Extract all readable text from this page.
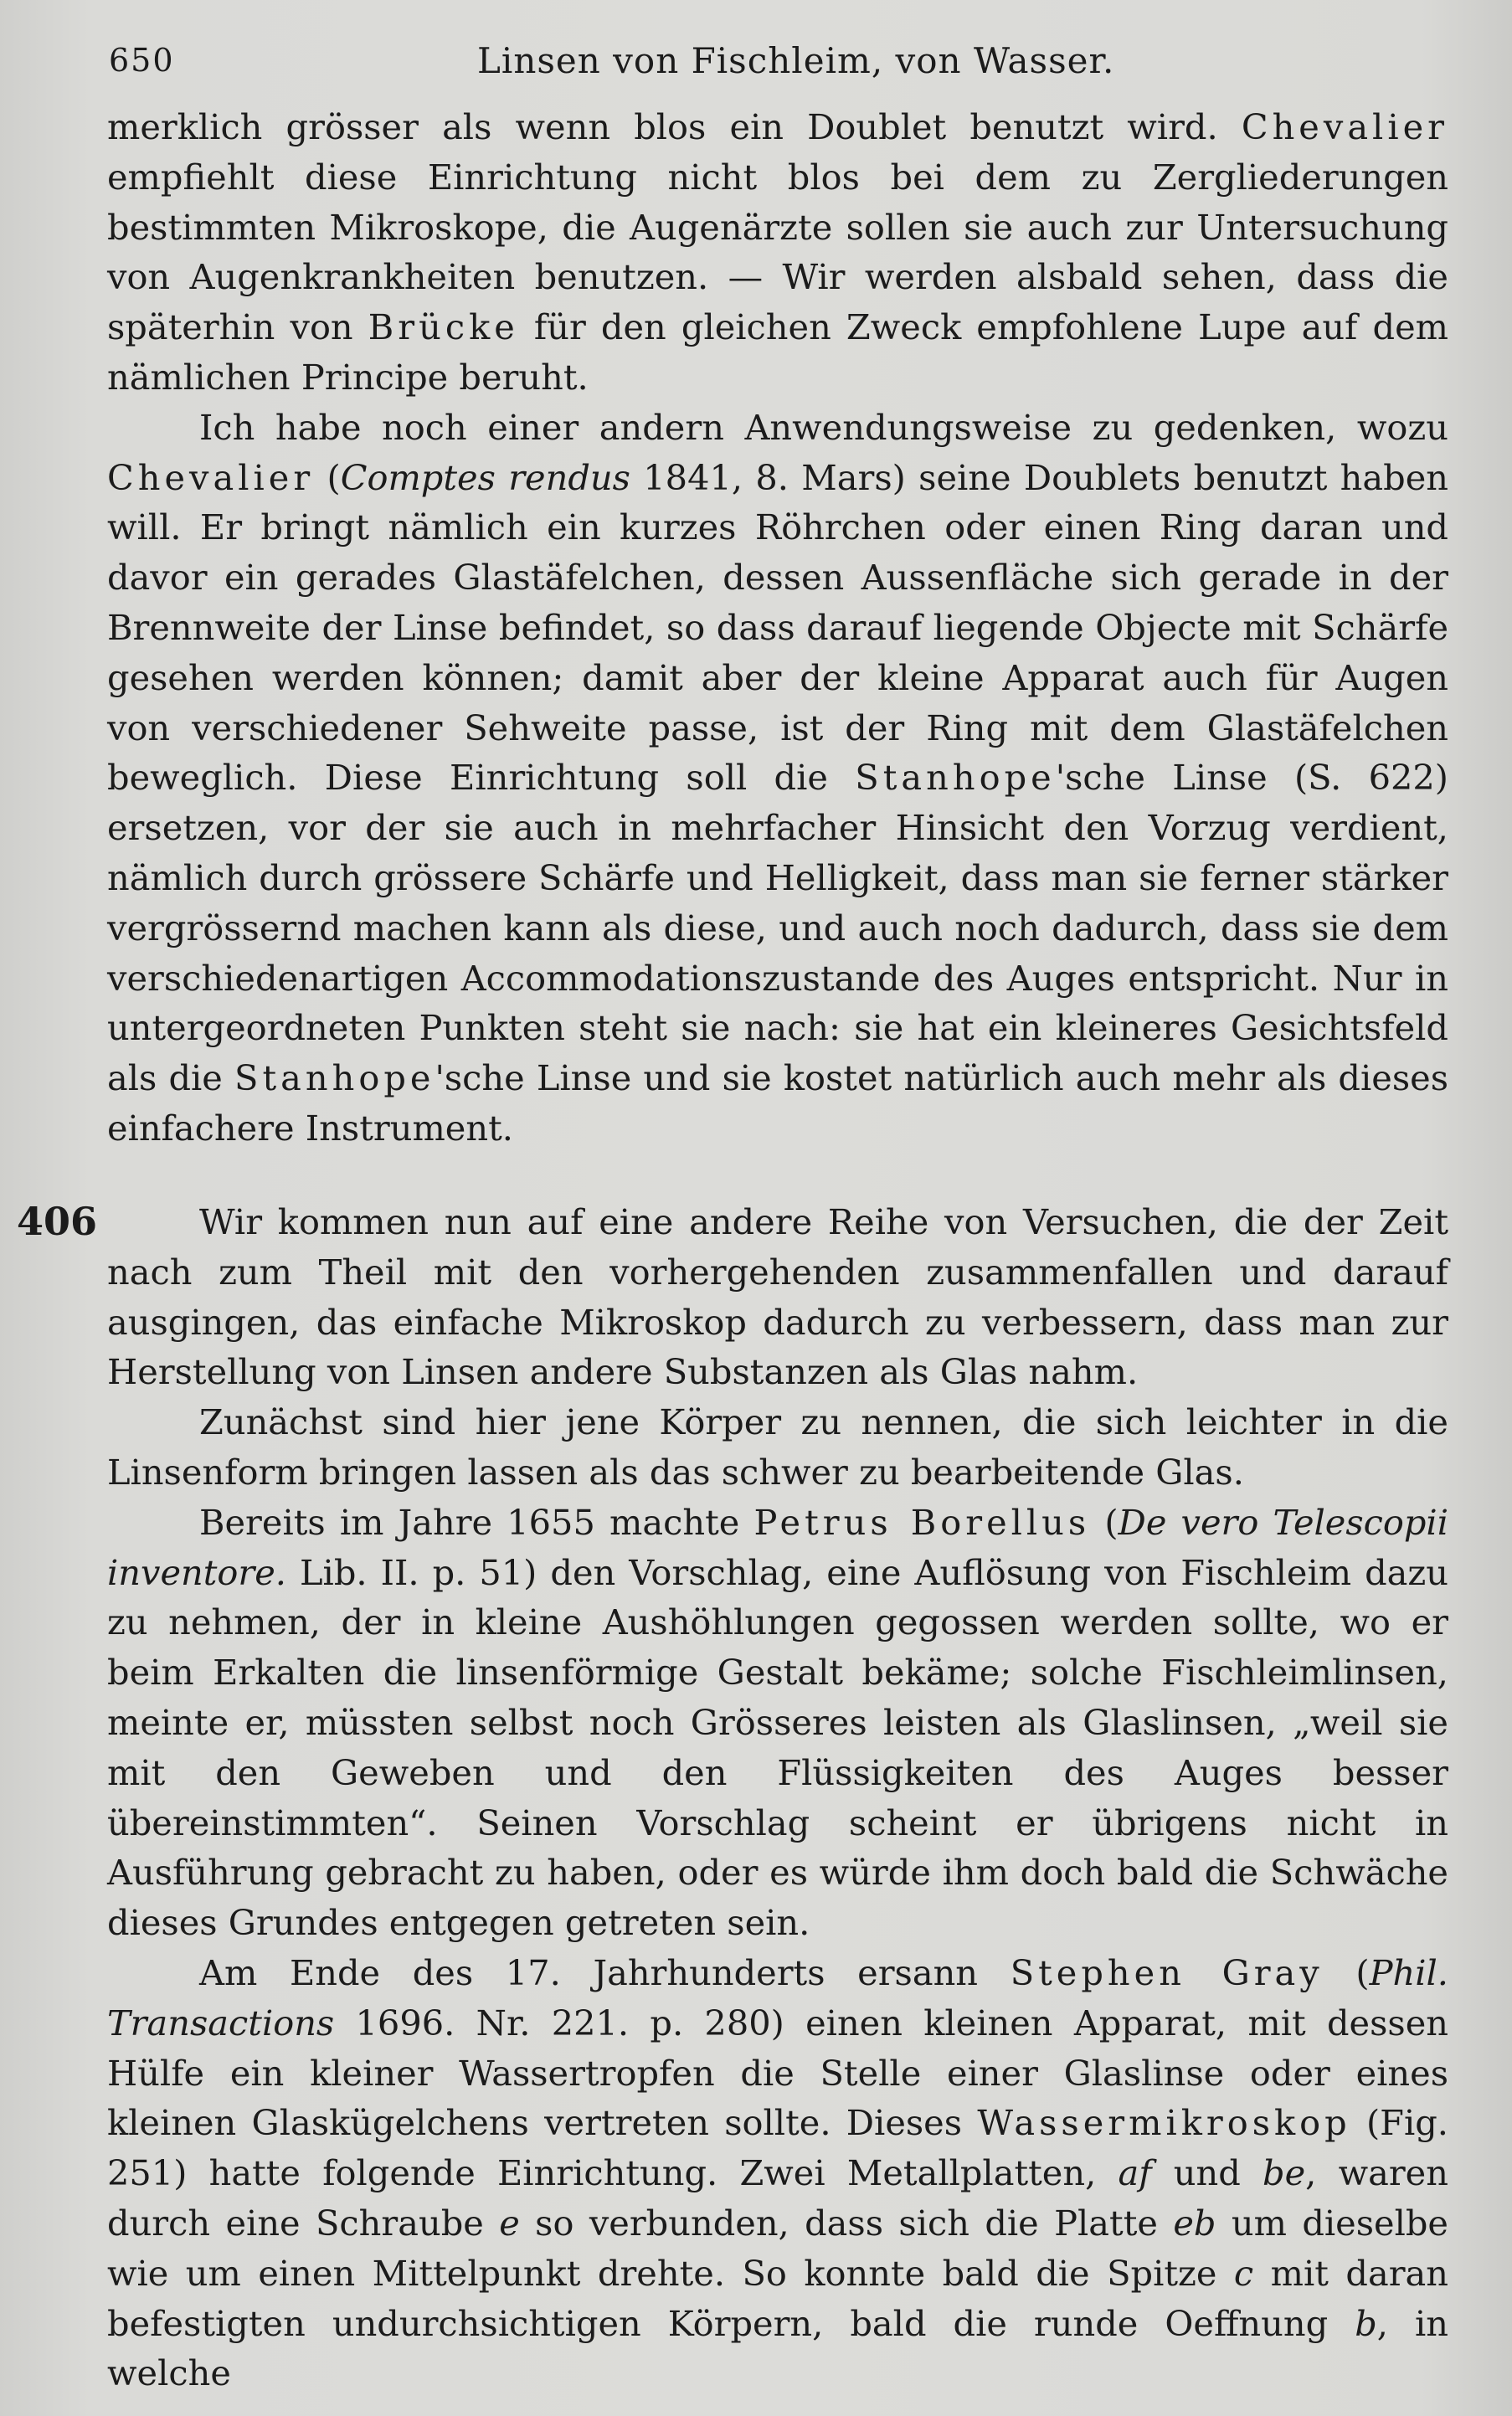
650	Linsen von Fischleim, von Wasser.

merklich grösser als wenn blos ein Doublet benutzt wird. Chevalier empfiehlt diese Einrichtung nicht blos bei dem zu Zergliederungen bestimmten Mikroskope, die Augenärzte sollen sie auch zur Untersuchung von Augenkrankheiten benutzen. — Wir werden alsbald sehen, dass die späterhin von Brücke für den gleichen Zweck empfohlene Lupe auf dem nämlichen Principe beruht.

Ich habe noch einer andern Anwendungsweise zu gedenken, wozu Chevalier (Comptes rendus 1841, 8. Mars) seine Doublets benutzt haben will. Er bringt nämlich ein kurzes Röhrchen oder einen Ring daran und davor ein gerades Glastäfelchen, dessen Aussenfläche sich gerade in der Brennweite der Linse befindet, so dass darauf liegende Objecte mit Schärfe gesehen werden können; damit aber der kleine Apparat auch für Augen von verschiedener Sehweite passe, ist der Ring mit dem Glastäfelchen beweglich. Diese Einrichtung soll die Stanhope'sche Linse (S. 622) ersetzen, vor der sie auch in mehrfacher Hinsicht den Vorzug verdient, nämlich durch grössere Schärfe und Helligkeit, dass man sie ferner stärker vergrössernd machen kann als diese, und auch noch dadurch, dass sie dem verschiedenartigen Accommodationszustande des Auges entspricht. Nur in untergeordneten Punkten steht sie nach: sie hat ein kleineres Gesichtsfeld als die Stanhope'sche Linse und sie kostet natürlich auch mehr als dieses einfachere Instrument.

406	Wir kommen nun auf eine andere Reihe von Versuchen, die der Zeit nach zum Theil mit den vorhergehenden zusammenfallen und darauf ausgingen, das einfache Mikroskop dadurch zu verbessern, dass man zur Herstellung von Linsen andere Substanzen als Glas nahm.

Zunächst sind hier jene Körper zu nennen, die sich leichter in die Linsenform bringen lassen als das schwer zu bearbeitende Glas.

Bereits im Jahre 1655 machte Petrus Borellus (De vero Telescopii inventore. Lib. II. p. 51) den Vorschlag, eine Auflösung von Fischleim dazu zu nehmen, der in kleine Aushöhlungen gegossen werden sollte, wo er beim Erkalten die linsenförmige Gestalt bekäme; solche Fischleimlinsen, meinte er, müssten selbst noch Grösseres leisten als Glaslinsen, „weil sie mit den Geweben und den Flüssigkeiten des Auges besser übereinstimmten“. Seinen Vorschlag scheint er übrigens nicht in Ausführung gebracht zu haben, oder es würde ihm doch bald die Schwäche dieses Grundes entgegen getreten sein.

Am Ende des 17. Jahrhunderts ersann Stephen Gray (Phil. Transactions 1696. Nr. 221. p. 280) einen kleinen Apparat, mit dessen Hülfe ein kleiner Wassertropfen die Stelle einer Glaslinse oder eines kleinen Glaskügelchens vertreten sollte. Dieses Wassermikroskop (Fig. 251) hatte folgende Einrichtung. Zwei Metallplatten, af und be, waren durch eine Schraube e so verbunden, dass sich die Platte eb um dieselbe wie um einen Mittelpunkt drehte. So konnte bald die Spitze c mit daran befestigten undurchsichtigen Körpern, bald die runde Oeffnung b, in welche
